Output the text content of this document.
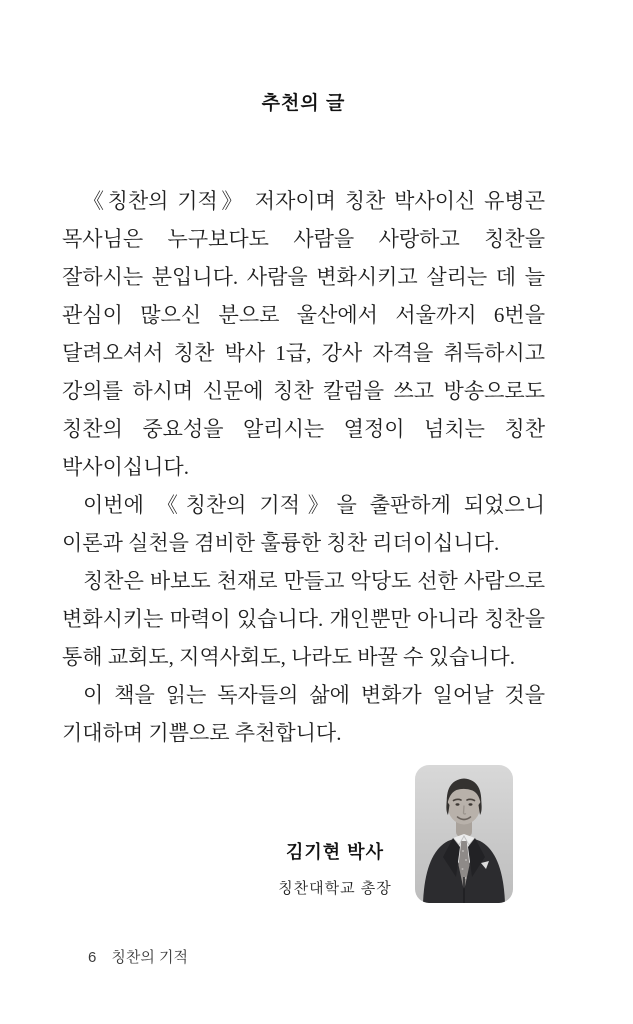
추천의 글

《칭찬의 기적》 저자이며 칭찬 박사이신 유병곤 목사님은 누구보다도 사람을 사랑하고 칭찬을 잘하시는 분입니다. 사람을 변화시키고 살리는 데 늘 관심이 많으신 분으로 울산에서 서울까지 6번을 달려오셔서 칭찬 박사 1급, 강사 자격을 취득하시고 강의를 하시며 신문에 칭찬 칼럼을 쓰고 방송으로도 칭찬의 중요성을 알리시는 열정이 넘치는 칭찬 박사이십니다.

이번에 《칭찬의 기적》을 출판하게 되었으니 이론과 실천을 겸비한 훌륭한 칭찬 리더이십니다.

칭찬은 바보도 천재로 만들고 악당도 선한 사람으로 변화시키는 마력이 있습니다. 개인뿐만 아니라 칭찬을 통해 교회도, 지역사회도, 나라도 바꿀 수 있습니다.

이 책을 읽는 독자들의 삶에 변화가 일어날 것을 기대하며 기쁨으로 추천합니다.

김기현 박사
칭찬대학교 총장
6 칭찬의 기적
